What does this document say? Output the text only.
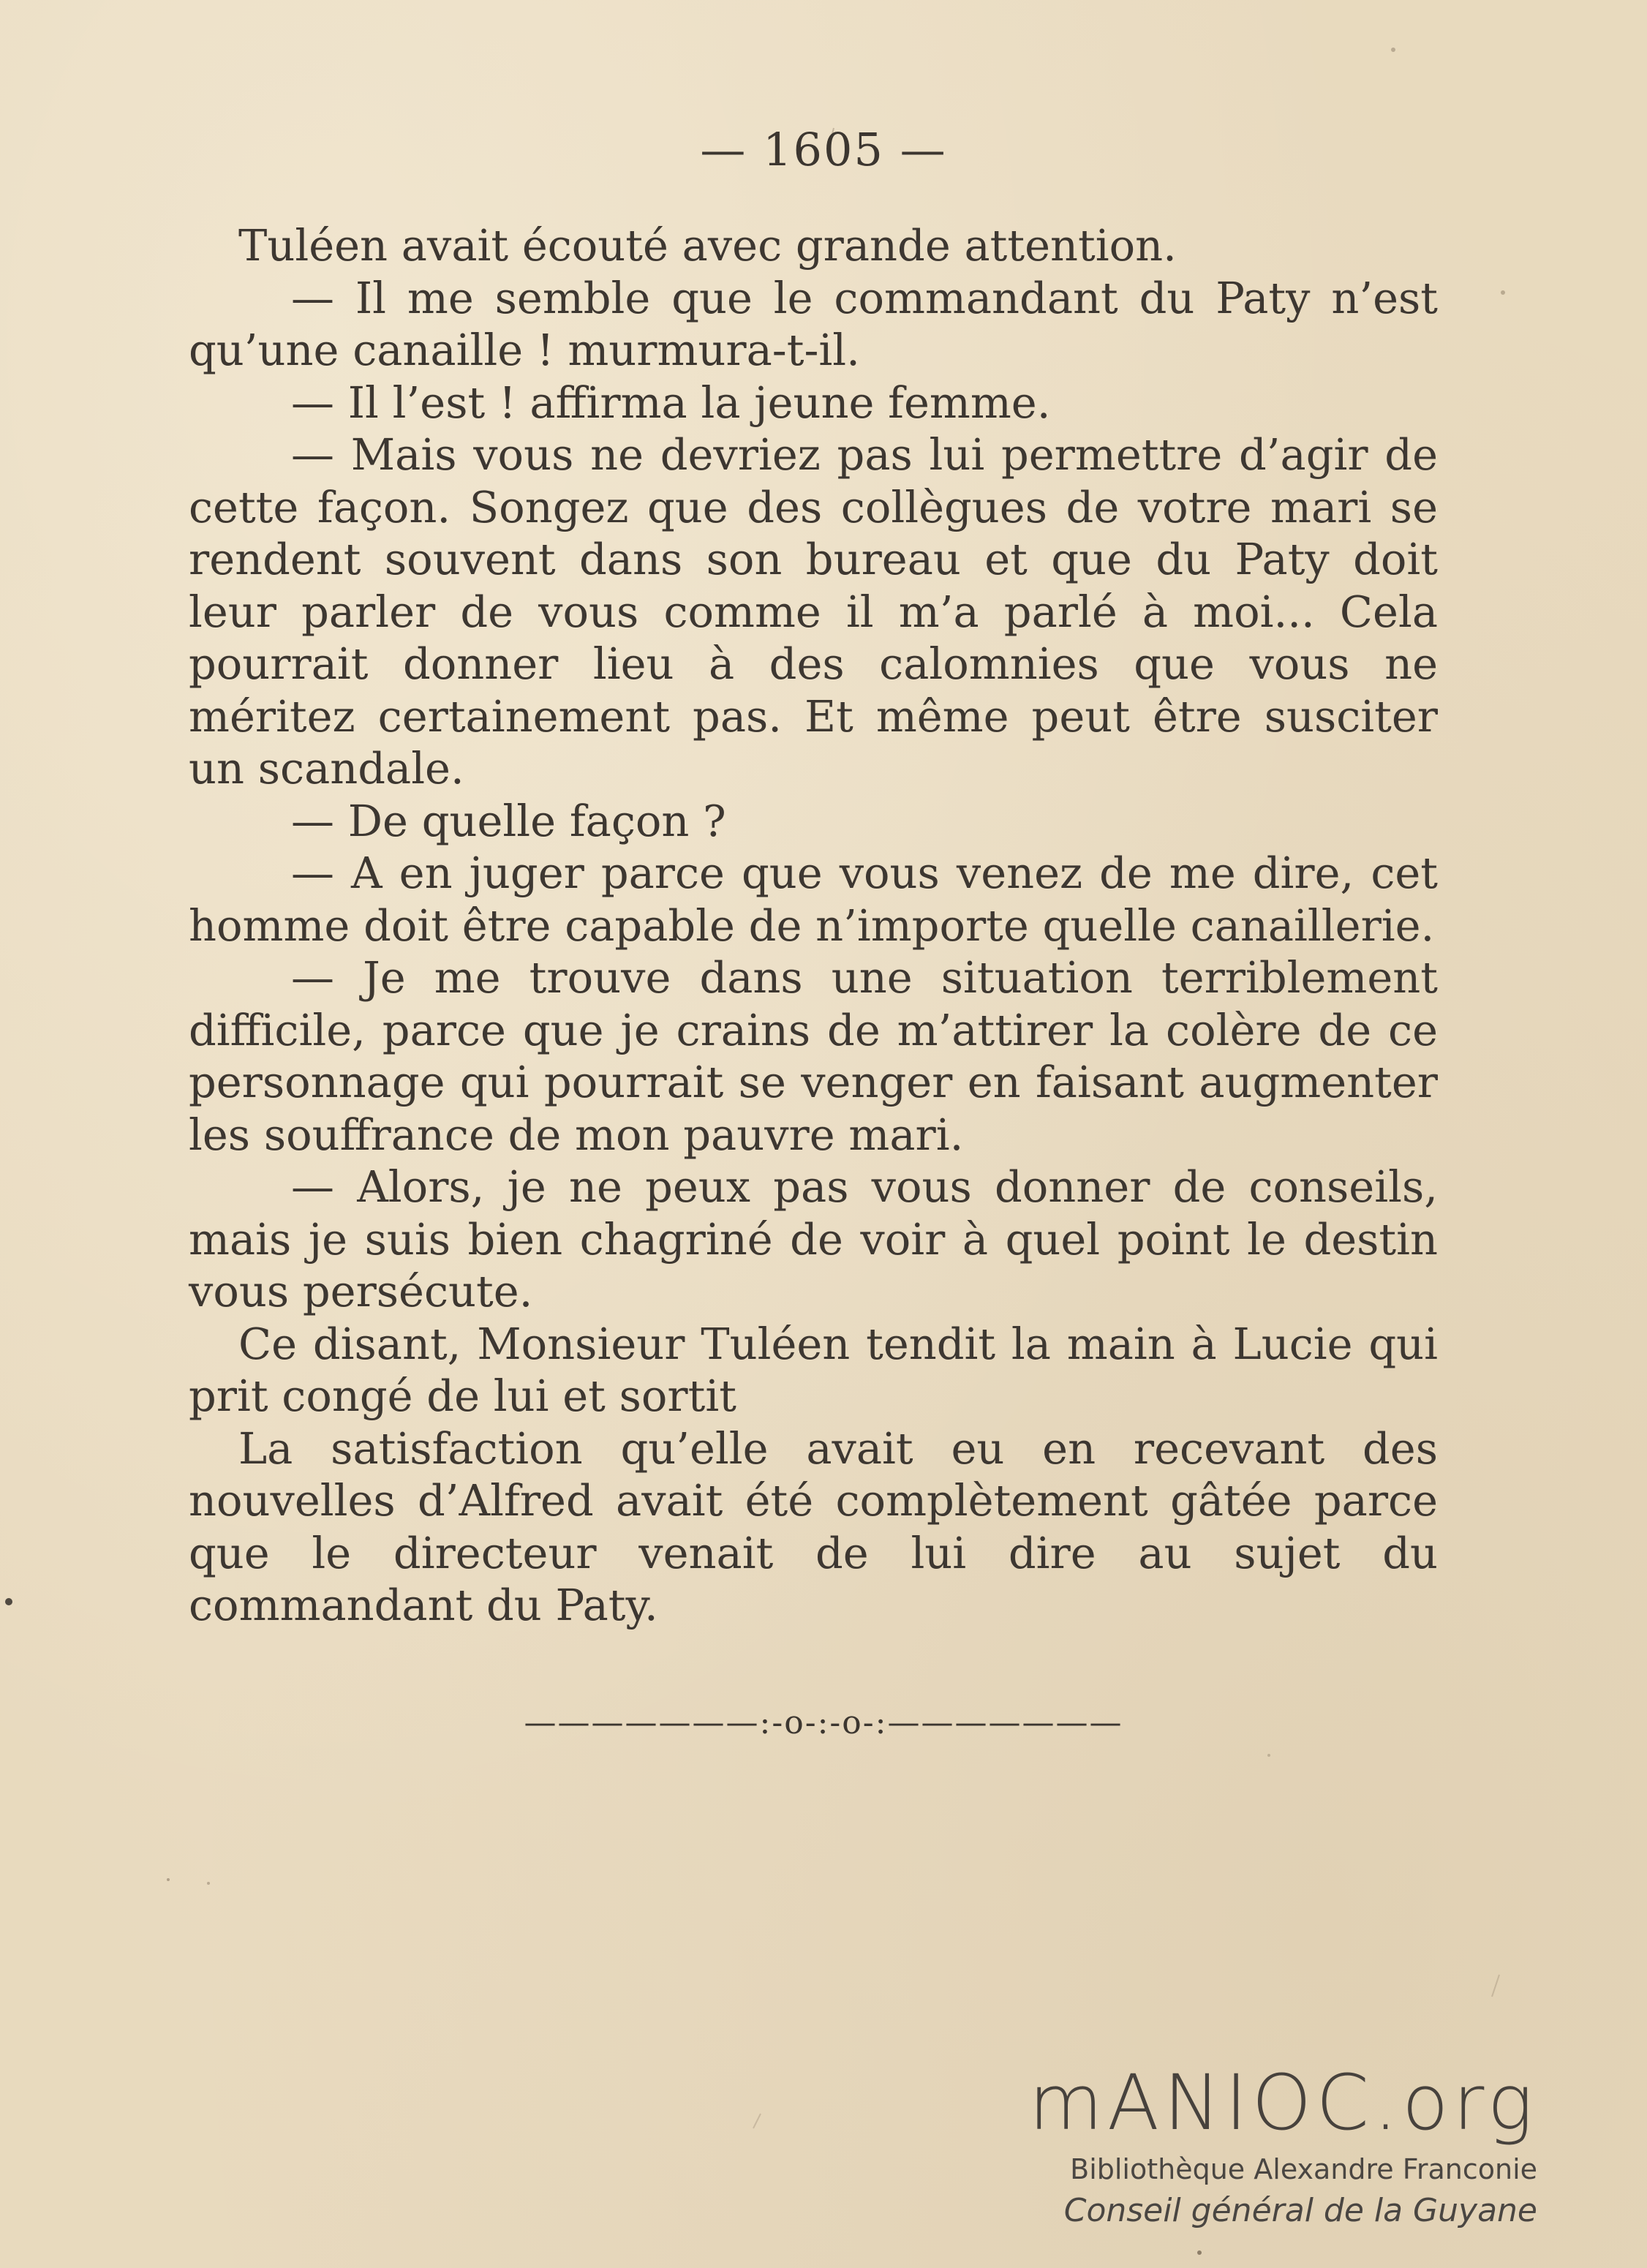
— 1605 —

Tuléen avait écouté avec grande attention.

— Il me semble que le commandant du Paty n’est qu’une canaille ! murmura-t-il.

— Il l’est ! affirma la jeune femme.

— Mais vous ne devriez pas lui permettre d’agir de cette façon. Songez que des collègues de votre mari se rendent souvent dans son bureau et que du Paty doit leur parler de vous comme il m’a parlé à moi... Cela pourrait donner lieu à des calomnies que vous ne méritez certainement pas. Et même peut être susciter un scandale.

— De quelle façon ?

— A en juger parce que vous venez de me dire, cet homme doit être capable de n’importe quelle canaillerie.

— Je me trouve dans une situation terriblement difficile, parce que je crains de m’attirer la colère de ce personnage qui pourrait se venger en faisant augmenter les souffrance de mon pauvre mari.

— Alors, je ne peux pas vous donner de conseils, mais je suis bien chagriné de voir à quel point le destin vous persécute.

Ce disant, Monsieur Tuléen tendit la main à Lucie qui prit congé de lui et sortit

La satisfaction qu’elle avait eu en recevant des nouvelles d’Alfred avait été complètement gâtée parce que le directeur venait de lui dire au sujet du commandant du Paty.

———————:-o-:-o-:———————
mANIOC.org
Bibliothèque Alexandre Franconie
Conseil général de la Guyane
